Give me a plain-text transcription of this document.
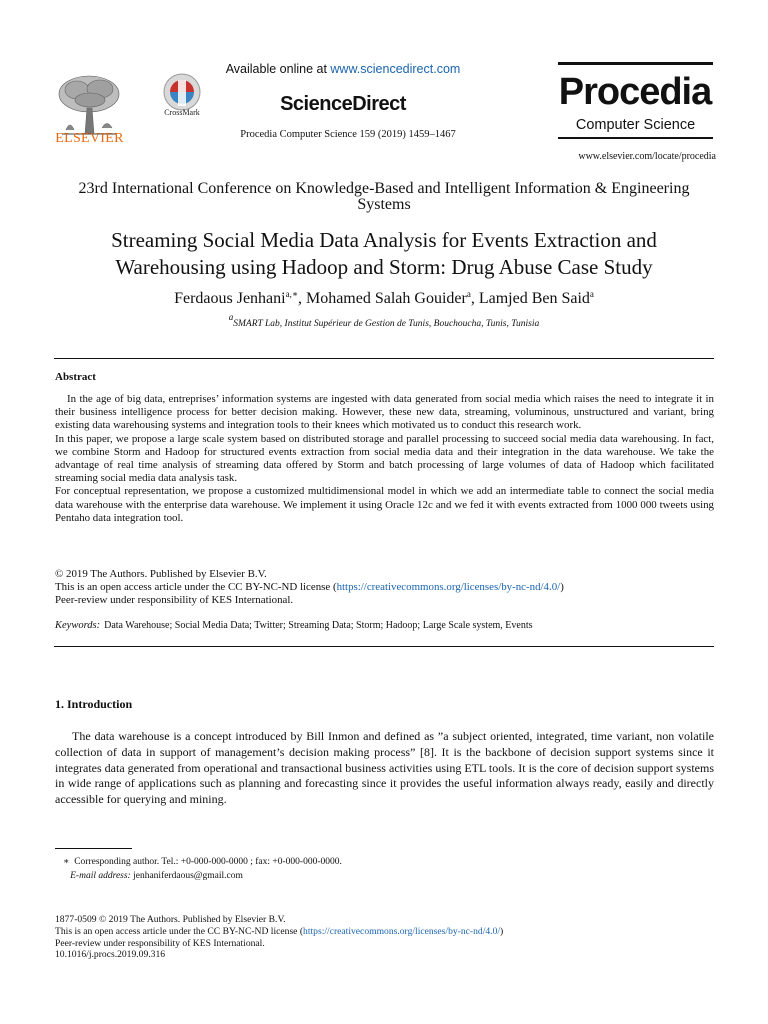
ELSEVIER
CrossMark
Available online at www.sciencedirect.com
ScienceDirect
Procedia Computer Science 159 (2019) 1459–1467
Procedia
Computer Science
www.elsevier.com/locate/procedia
23rd International Conference on Knowledge-Based and Intelligent Information & Engineering Systems
Streaming Social Media Data Analysis for Events Extraction and
Warehousing using Hadoop and Storm: Drug Abuse Case Study
Ferdaous Jenhani$^{a,∗}$, Mohamed Salah Gouider$^a$, Lamjed Ben Said$^a$
$^a$SMART Lab, Institut Supérieur de Gestion de Tunis, Bouchoucha, Tunis, Tunisia
Abstract

In the age of big data, entreprises’ information systems are ingested with data generated from social media which raises the need to integrate it in their business intelligence process for better decision making. However, these new data, streaming, voluminous, unstructured and variant, bring existing data warehousing systems and integration tools to their knees which motivated us to conduct this research work.

In this paper, we propose a large scale system based on distributed storage and parallel processing to succeed social media data warehousing. In fact, we combine Storm and Hadoop for structured events extraction from social media data and their integration in the data warehouse. We take the advantage of real time analysis of streaming data offered by Storm and batch processing of large volumes of data of Hadoop which facilitated streaming social media data analysis task.

For conceptual representation, we propose a customized multidimensional model in which we add an intermediate table to connect the social media data warehouse with the enterprise data warehouse. We implement it using Oracle 12c and we fed it with events extracted from 1000 000 tweets using Pentaho data integration tool.

© 2019 The Authors. Published by Elsevier B.V.
This is an open access article under the CC BY-NC-ND license (https://creativecommons.org/licenses/by-nc-nd/4.0/)
Peer-review under responsibility of KES International.
Keywords: Data Warehouse; Social Media Data; Twitter; Streaming Data; Storm; Hadoop; Large Scale system, Events
1. Introduction
The data warehouse is a concept introduced by Bill Inmon and defined as ”a subject oriented, integrated, time variant, non volatile collection of data in support of management’s decision making process” [8]. It is the backbone of decision support systems since it integrates data generated from operational and transactional business activities using ETL tools. It is the core of decision support systems in wide range of applications such as planning and forecasting since it provides the useful information always ready, easily and directly accessible for querying and mining.
∗ Corresponding author. Tel.: +0-000-000-0000 ; fax: +0-000-000-0000.
E-mail address: jenhaniferdaous@gmail.com
1877-0509 © 2019 The Authors. Published by Elsevier B.V.
This is an open access article under the CC BY-NC-ND license (https://creativecommons.org/licenses/by-nc-nd/4.0/)
Peer-review under responsibility of KES International.
10.1016/j.procs.2019.09.316
